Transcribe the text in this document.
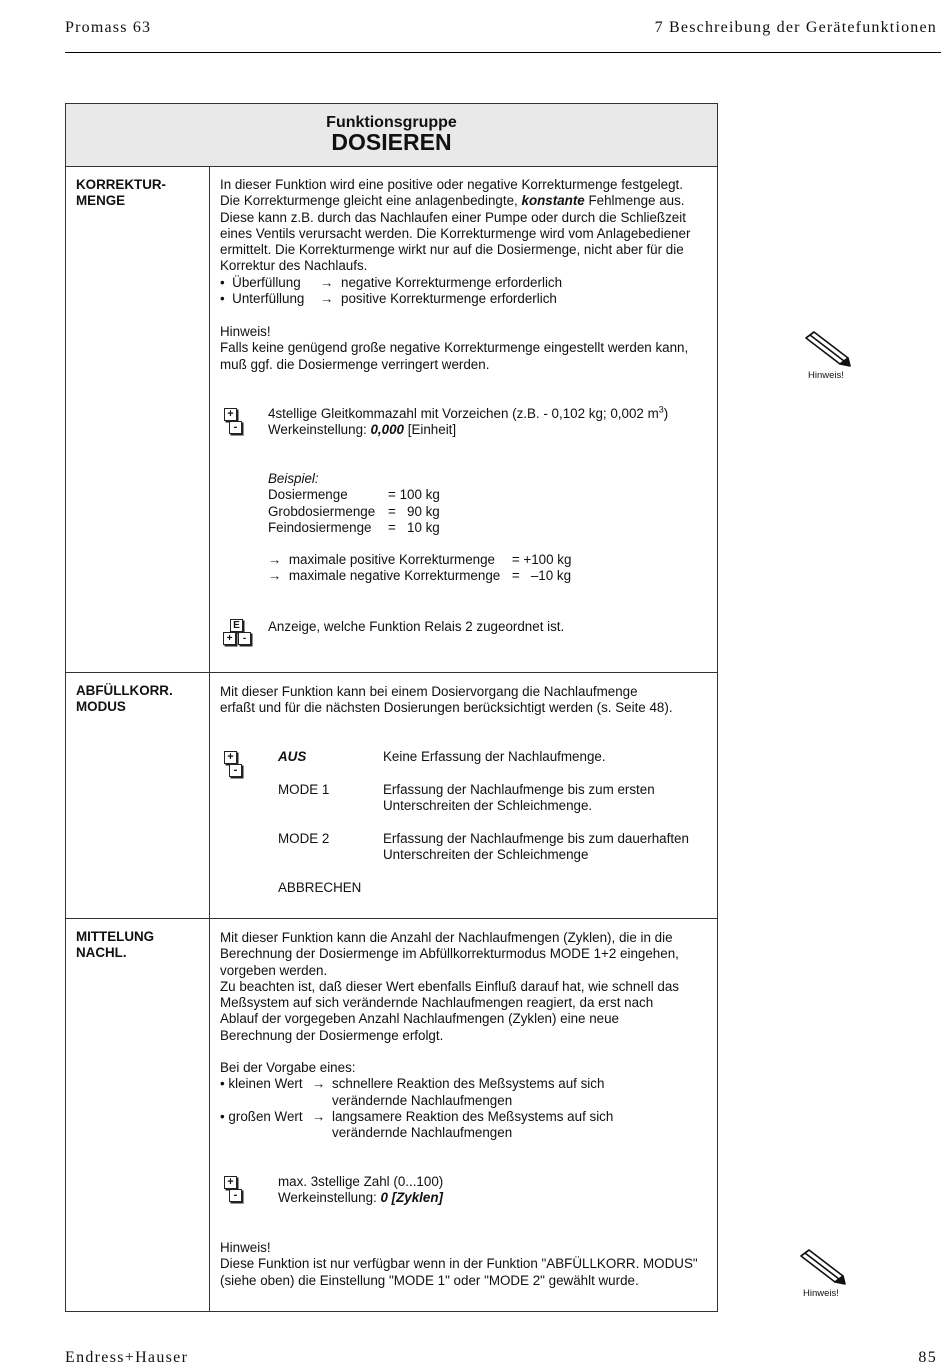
Promass 63	7 Beschreibung der Gerätefunktionen
Funktionsgruppe
DOSIEREN
KORREKTUR-
MENGE

In dieser Funktion wird eine positive oder negative Korrekturmenge festgelegt.

Die Korrekturmenge gleicht eine anlagenbedingte, konstante Fehlmenge aus.

Diese kann z.B. durch das Nachlaufen einer Pumpe oder durch die Schließzeit

eines Ventils verursacht werden. Die Korrekturmenge wird vom Anlagebediener

ermittelt. Die Korrekturmenge wirkt nur auf die Dosiermenge, nicht aber für die

Korrektur des Nachlaufs.

• Überfüllung → negative Korrekturmenge erforderlich

• Unterfüllung → positive Korrekturmenge erforderlich

Hinweis!

Falls keine genügend große negative Korrekturmenge eingestellt werden kann,

muß ggf. die Dosiermenge verringert werden.

+
-

4stellige Gleitkommazahl mit Vorzeichen (z.B. - 0,102 kg; 0,002 $m^3$)

Werkeinstellung: 0,000 [Einheit]

Beispiel:

Dosiermenge	= 100 kg

Grobdosiermenge = 90 kg

Feindosiermenge = 10 kg

→ maximale positive Korrekturmenge = +100 kg

→ maximale negative Korrekturmenge = –10 kg

E
+	-
Anzeige, welche Funktion Relais 2 zugeordnet ist.
ABFÜLLKORR.
MODUS

Mit dieser Funktion kann bei einem Dosiervorgang die Nachlaufmenge

erfaßt und für die nächsten Dosierungen berücksichtigt werden (s. Seite 48).

+
-
AUS	Keine Erfassung der Nachlaufmenge.
MODE 1	Erfassung der Nachlaufmenge bis zum ersten

Unterschreiten der Schleichmenge.

MODE 2	Erfassung der Nachlaufmenge bis zum dauerhaften

Unterschreiten der Schleichmenge

ABBRECHEN
MITTELUNG
NACHL.

Mit dieser Funktion kann die Anzahl der Nachlaufmengen (Zyklen), die in die

Berechnung der Dosiermenge im Abfüllkorrekturmodus MODE 1+2 eingehen,

vorgeben werden.

Zu beachten ist, daß dieser Wert ebenfalls Einfluß darauf hat, wie schnell das

Meßsystem auf sich verändernde Nachlaufmengen reagiert, da erst nach

Ablauf der vorgegeben Anzahl Nachlaufmengen (Zyklen) eine neue

Berechnung der Dosiermenge erfolgt.

Bei der Vorgabe eines:

• kleinen Wert → schnellere Reaktion des Meßsystems auf sich

verändernde Nachlaufmengen

• großen Wert → langsamere Reaktion des Meßsystems auf sich

verändernde Nachlaufmengen

+
-

max. 3stellige Zahl (0...100)

Werkeinstellung: 0 [Zyklen]

Hinweis!

Diese Funktion ist nur verfügbar wenn in der Funktion "ABFÜLLKORR. MODUS"

(siehe oben) die Einstellung "MODE 1" oder "MODE 2" gewählt wurde.

Hinweis!
Hinweis!
Endress+Hauser	85
